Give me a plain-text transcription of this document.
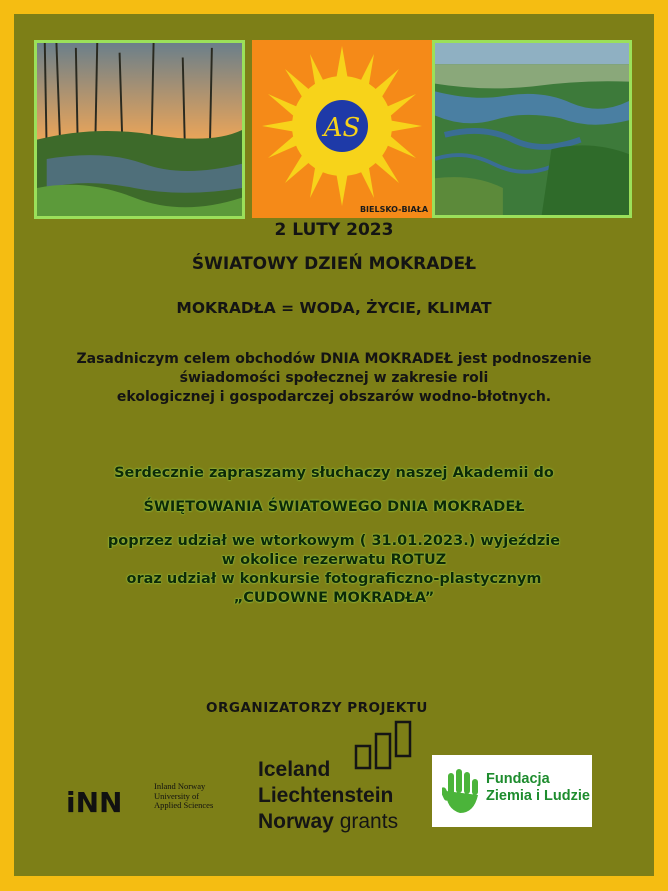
AS
BIELSKO-BIAŁA
2 LUTY 2023
ŚWIATOWY DZIEŃ MOKRADEŁ
MOKRADŁA = WODA, ŻYCIE, KLIMAT
Zasadniczym celem obchodów DNIA MOKRADEŁ jest podnoszenie
świadomości społecznej w zakresie roli
ekologicznej i gospodarczej obszarów wodno-błotnych.
Serdecznie zapraszamy słuchaczy naszej Akademii do
ŚWIĘTOWANIA ŚWIATOWEGO DNIA MOKRADEŁ
poprzez udział we wtorkowym ( 31.01.2023.) wyjeździe
w okolice rezerwatu ROTUZ
oraz udział w konkursie fotograficzno-plastycznym
„CUDOWNE MOKRADŁA”
ORGANIZATORZY PROJEKTU
iNN	Inland Norway
University of
Applied Sciences
Iceland
Liechtenstein
Norway grants
Fundacja
Ziemia i Ludzie
